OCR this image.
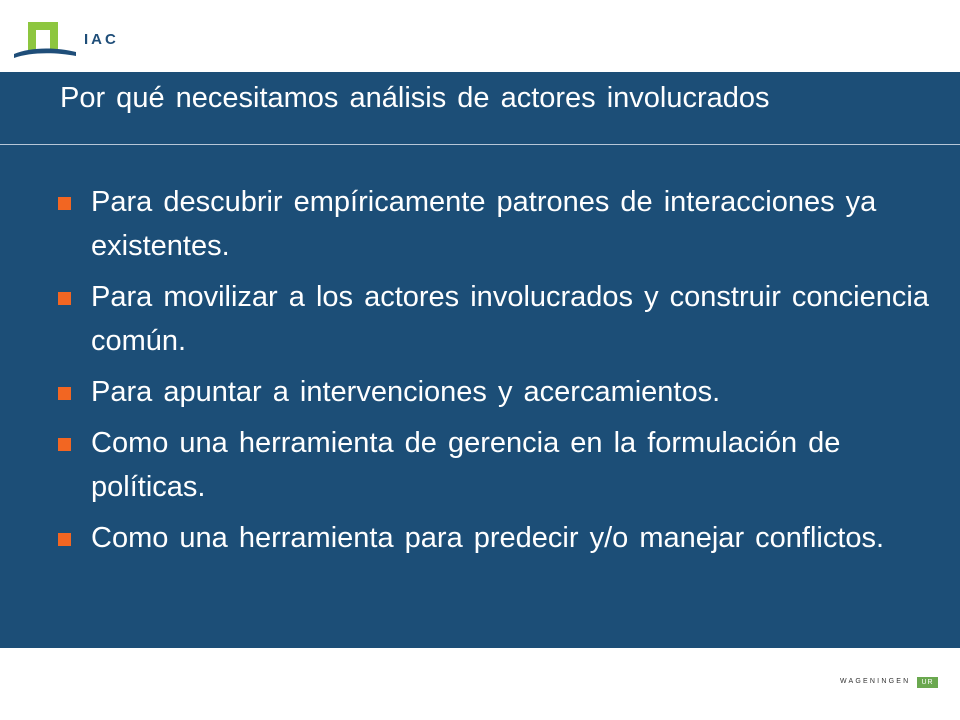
IAC
Por qué necesitamos análisis de actores involucrados
Para descubrir empíricamente patrones de interacciones ya existentes.
Para movilizar a los actores involucrados y construir conciencia común.
Para apuntar a intervenciones y acercamientos.
Como una herramienta de gerencia en la formulación de políticas.
Como una herramienta para predecir y/o manejar conflictos.
WAGENINGEN	UR
